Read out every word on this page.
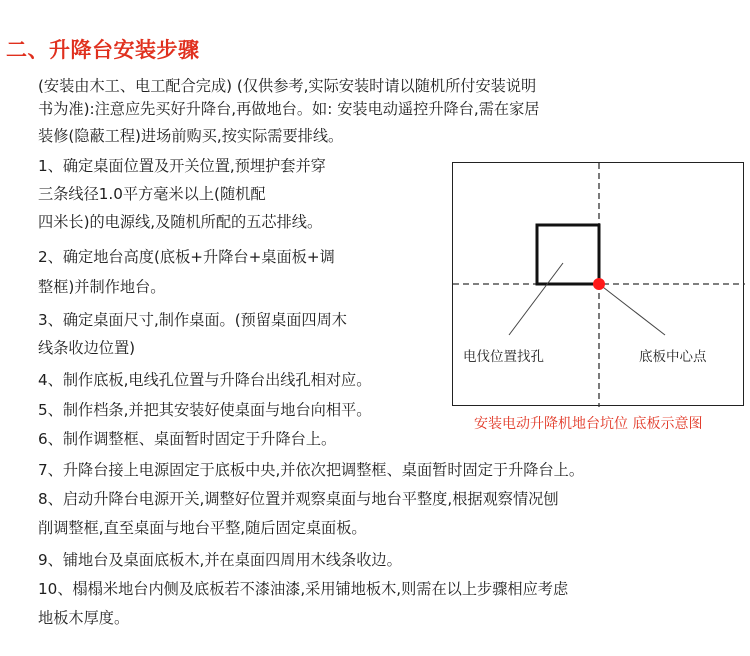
二、升降台安装步骤
(安装由木工、电工配合完成) (仅供参考,实际安装时请以随机所付安装说明
书为准):注意应先买好升降台,再做地台。如: 安装电动遥控升降台,需在家居
装修(隐蔽工程)进场前购买,按实际需要排线。
1、确定桌面位置及开关位置,预埋护套并穿
三条线径1.0平方毫米以上(随机配
四米长)的电源线,及随机所配的五芯排线。
2、确定地台高度(底板+升降台+桌面板+调
整框)并制作地台。
3、确定桌面尺寸,制作桌面。(预留桌面四周木
线条收边位置)
4、制作底板,电线孔位置与升降台出线孔相对应。
5、制作档条,并把其安装好使桌面与地台向相平。
6、制作调整框、桌面暂时固定于升降台上。
7、升降台接上电源固定于底板中央,并依次把调整框、桌面暂时固定于升降台上。
8、启动升降台电源开关,调整好位置并观察桌面与地台平整度,根据观察情况刨
削调整框,直至桌面与地台平整,随后固定桌面板。
9、铺地台及桌面底板木,并在桌面四周用木线条收边。
10、榻榻米地台内侧及底板若不漆油漆,采用铺地板木,则需在以上步骤相应考虑
地板木厚度。
电伐位置找孔	底板中心点
安装电动升降机地台坑位 底板示意图
